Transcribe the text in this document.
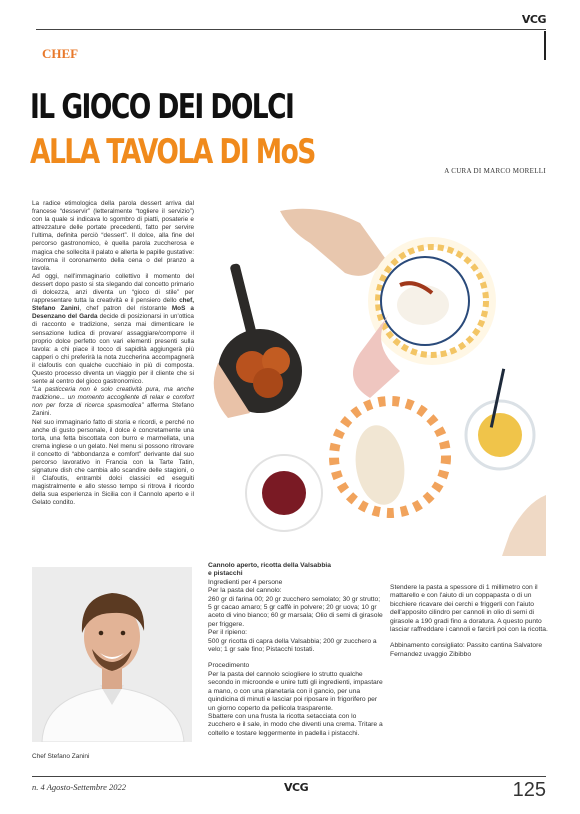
VCG
CHEF
IL GIOCO DEI DOLCI
ALLA TAVOLA DI MoS	A CURA DI MARCO MORELLI

La radice etimologica della parola dessert arriva dal francese “desservir” (letteralmente “togliere il servizio”) con la quale si indicava lo sgombro di piatti, posaterie e attrezzature delle portate precedenti, fatto per servire l'ultima, definita perciò “dessert”. Il dolce, alla fine del percorso gastronomico, è quella parola zuccherosa e magica che sollecita il palato e allerta le papille gustative: insomma il coronamento della cena o del pranzo a tavola.

Ad oggi, nell'immaginario collettivo il momento del dessert dopo pasto si sta slegando dal concetto primario di dolcezza, anzi diventa un “gioco di stile” per rappresentare tutta la creatività e il pensiero dello chef, Stefano Zanini, chef patron del ristorante MoS a Desenzano del Garda decide di posizionarsi in un'ottica di racconto e tradizione, senza mai dimenticare le sensazione ludica di provare/ assaggiare/comporre il proprio dolce perfetto con vari elementi presenti sulla tavola: a chi piace il tocco di sapidità aggiungerà più capperi o chi preferirà la nota zuccherina accompagnerà il clafoutis con qualche cucchiaio in più di composta. Questo processo diventa un viaggio per il cliente che si sente al centro del gioco gastronomico.

“La pasticceria non è solo creatività pura, ma anche tradizione... un momento accogliente di relax e comfort non per forza di ricerca spasmodica” afferma Stefano Zanini.

Nel suo immaginario fatto di storia e ricordi, e perché no anche di gusto personale, il dolce è concretamente una torta, una fetta biscottata con burro e marmellata, una crema inglese o un gelato. Nel menu si possono ritrovare il concetto di “abbondanza e comfort” derivante dal suo percorso lavorativo in Francia con la Tarte Tatin, signature dish che cambia allo scandire delle stagioni, o il Clafoutis, entrambi dolci classici ed eseguiti magistralmente e allo stesso tempo si ritrova il ricordo della sua esperienza in Sicilia con il Cannolo aperto e il Gelato condito.

Chef Stefano Zanini

Cannolo aperto, ricotta della Valsabbia

e pistacchi

Ingredienti per 4 persone

Per la pasta del cannolo:

260 gr di farina 00; 20 gr zucchero semolato; 30 gr strutto; 5 gr cacao amaro; 5 gr caffè in polvere; 20 gr uova; 10 gr aceto di vino bianco; 60 gr marsala; Olio di semi di girasole per friggere.

Per il ripieno:

500 gr ricotta di capra della Valsabbia; 200 gr zucchero a velo; 1 gr sale fino; Pistacchi tostati.

Procedimento

Per la pasta del cannolo sciogliere lo strutto qualche secondo in microonde e unire tutti gli ingredienti, impastare a mano, o con una planetaria con il gancio, per una quindicina di minuti e lasciar poi riposare in frigorifero per un giorno coperto da pellicola trasparente.

Sbattere con una frusta la ricotta setacciata con lo zucchero e il sale, in modo che diventi una crema. Tritare a coltello e tostare leggermente in padella i pistacchi.

Stendere la pasta a spessore di 1 millimetro con il mattarello e con l'aiuto di un coppapasta o di un bicchiere ricavare dei cerchi e friggerli con l'aiuto dell'apposito cilindro per cannoli in olio di semi di girasole a 190 gradi fino a doratura. A questo punto lasciar raffreddare i cannoli e farcirli poi con la ricotta.

Abbinamento consigliato: Passito cantina Salvatore Fernandez uvaggio Zibibbo

n. 4 Agosto-Settembre 2022	VCG	125
